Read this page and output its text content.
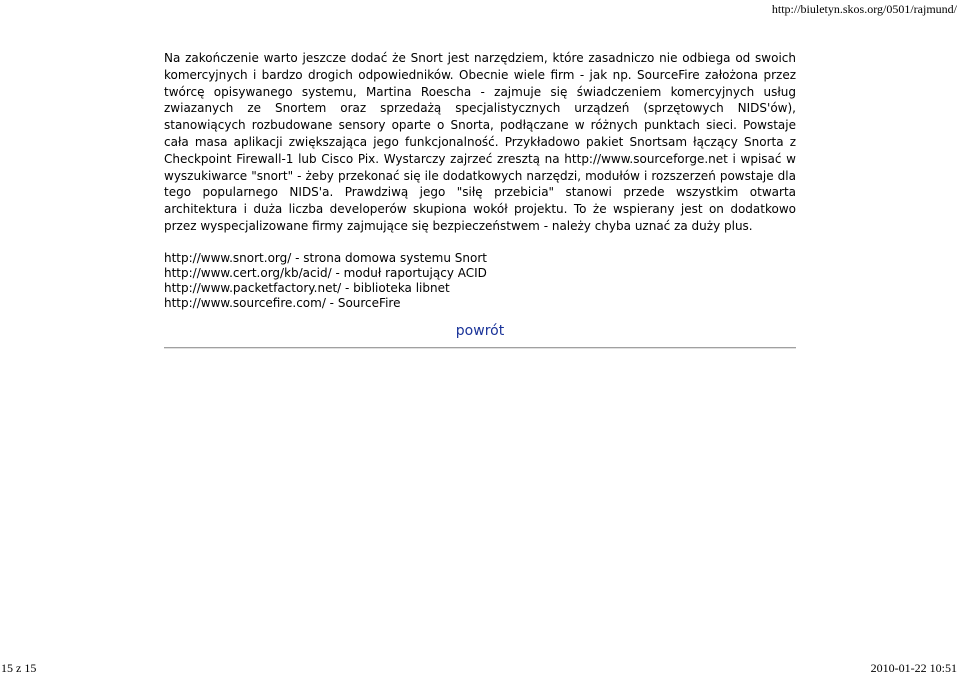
http://biuletyn.skos.org/0501/rajmund/

Na zakończenie warto jeszcze dodać że Snort jest narzędziem, które zasadniczo nie odbiega od swoich komercyjnych i bardzo drogich odpowiedników. Obecnie wiele firm - jak np. SourceFire założona przez twórcę opisywanego systemu, Martina Roescha - zajmuje się świadczeniem komercyjnych usług zwiazanych ze Snortem oraz sprzedażą specjalistycznych urządzeń (sprzętowych NIDS'ów), stanowiących rozbudowane sensory oparte o Snorta, podłączane w różnych punktach sieci. Powstaje cała masa aplikacji zwiększająca jego funkcjonalność. Przykładowo pakiet Snortsam łączący Snorta z Checkpoint Firewall-1 lub Cisco Pix. Wystarczy zajrzeć zresztą na http://www.sourceforge.net i wpisać w wyszukiwarce "snort" - żeby przekonać się ile dodatkowych narzędzi, modułów i rozszerzeń powstaje dla tego popularnego NIDS'a. Prawdziwą jego "siłę przebicia" stanowi przede wszystkim otwarta architektura i duża liczba developerów skupiona wokół projektu. To że wspierany jest on dodatkowo przez wyspecjalizowane firmy zajmujące się bezpieczeństwem - należy chyba uznać za duży plus.

http://www.snort.org/ - strona domowa systemu Snort
http://www.cert.org/kb/acid/ - moduł raportujący ACID
http://www.packetfactory.net/ - biblioteka libnet
http://www.sourcefire.com/ - SourceFire
powrót
15 z 15	2010-01-22 10:51
